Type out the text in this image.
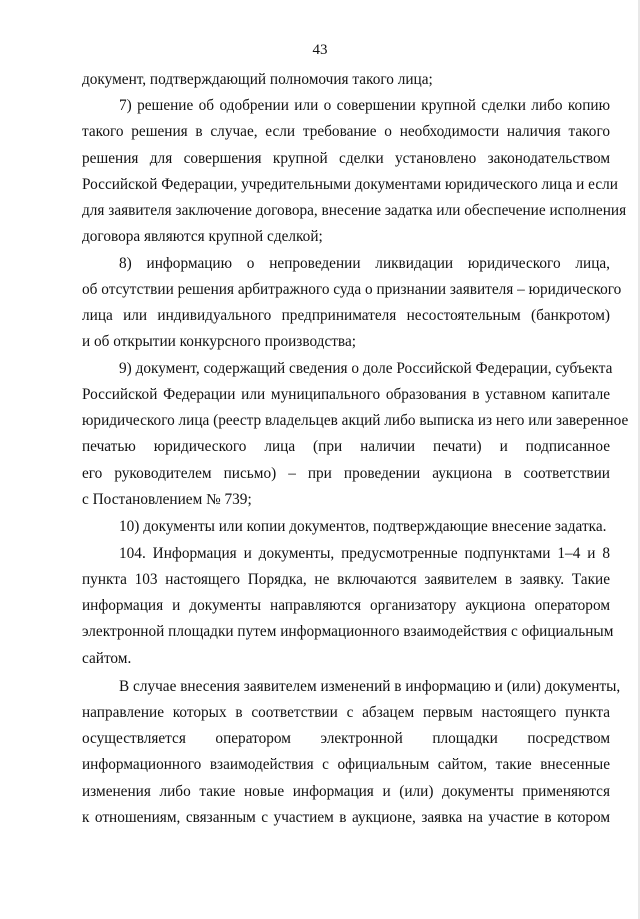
43
документ, подтверждающий полномочия такого лица;
7) решение об одобрении или о совершении крупной сделки либо копию
такого решения в случае, если требование о необходимости наличия такого
решения для совершения крупной сделки установлено законодательством
Российской Федерации, учредительными документами юридического лица и если
для заявителя заключение договора, внесение задатка или обеспечение исполнения
договора являются крупной сделкой;
8) информацию о непроведении ликвидации юридического лица,
об отсутствии решения арбитражного суда о признании заявителя – юридического
лица или индивидуального предпринимателя несостоятельным (банкротом)
и об открытии конкурсного производства;
9) документ, содержащий сведения о доле Российской Федерации, субъекта
Российской Федерации или муниципального образования в уставном капитале
юридического лица (реестр владельцев акций либо выписка из него или заверенное
печатью юридического лица (при наличии печати) и подписанное
его руководителем письмо) – при проведении аукциона в соответствии
с Постановлением № 739;
10) документы или копии документов, подтверждающие внесение задатка.
104. Информация и документы, предусмотренные подпунктами 1–4 и 8
пункта 103 настоящего Порядка, не включаются заявителем в заявку. Такие
информация и документы направляются организатору аукциона оператором
электронной площадки путем информационного взаимодействия с официальным
сайтом.
В случае внесения заявителем изменений в информацию и (или) документы,
направление которых в соответствии с абзацем первым настоящего пункта
осуществляется оператором электронной площадки посредством
информационного взаимодействия с официальным сайтом, такие внесенные
изменения либо такие новые информация и (или) документы применяются
к отношениям, связанным с участием в аукционе, заявка на участие в котором
